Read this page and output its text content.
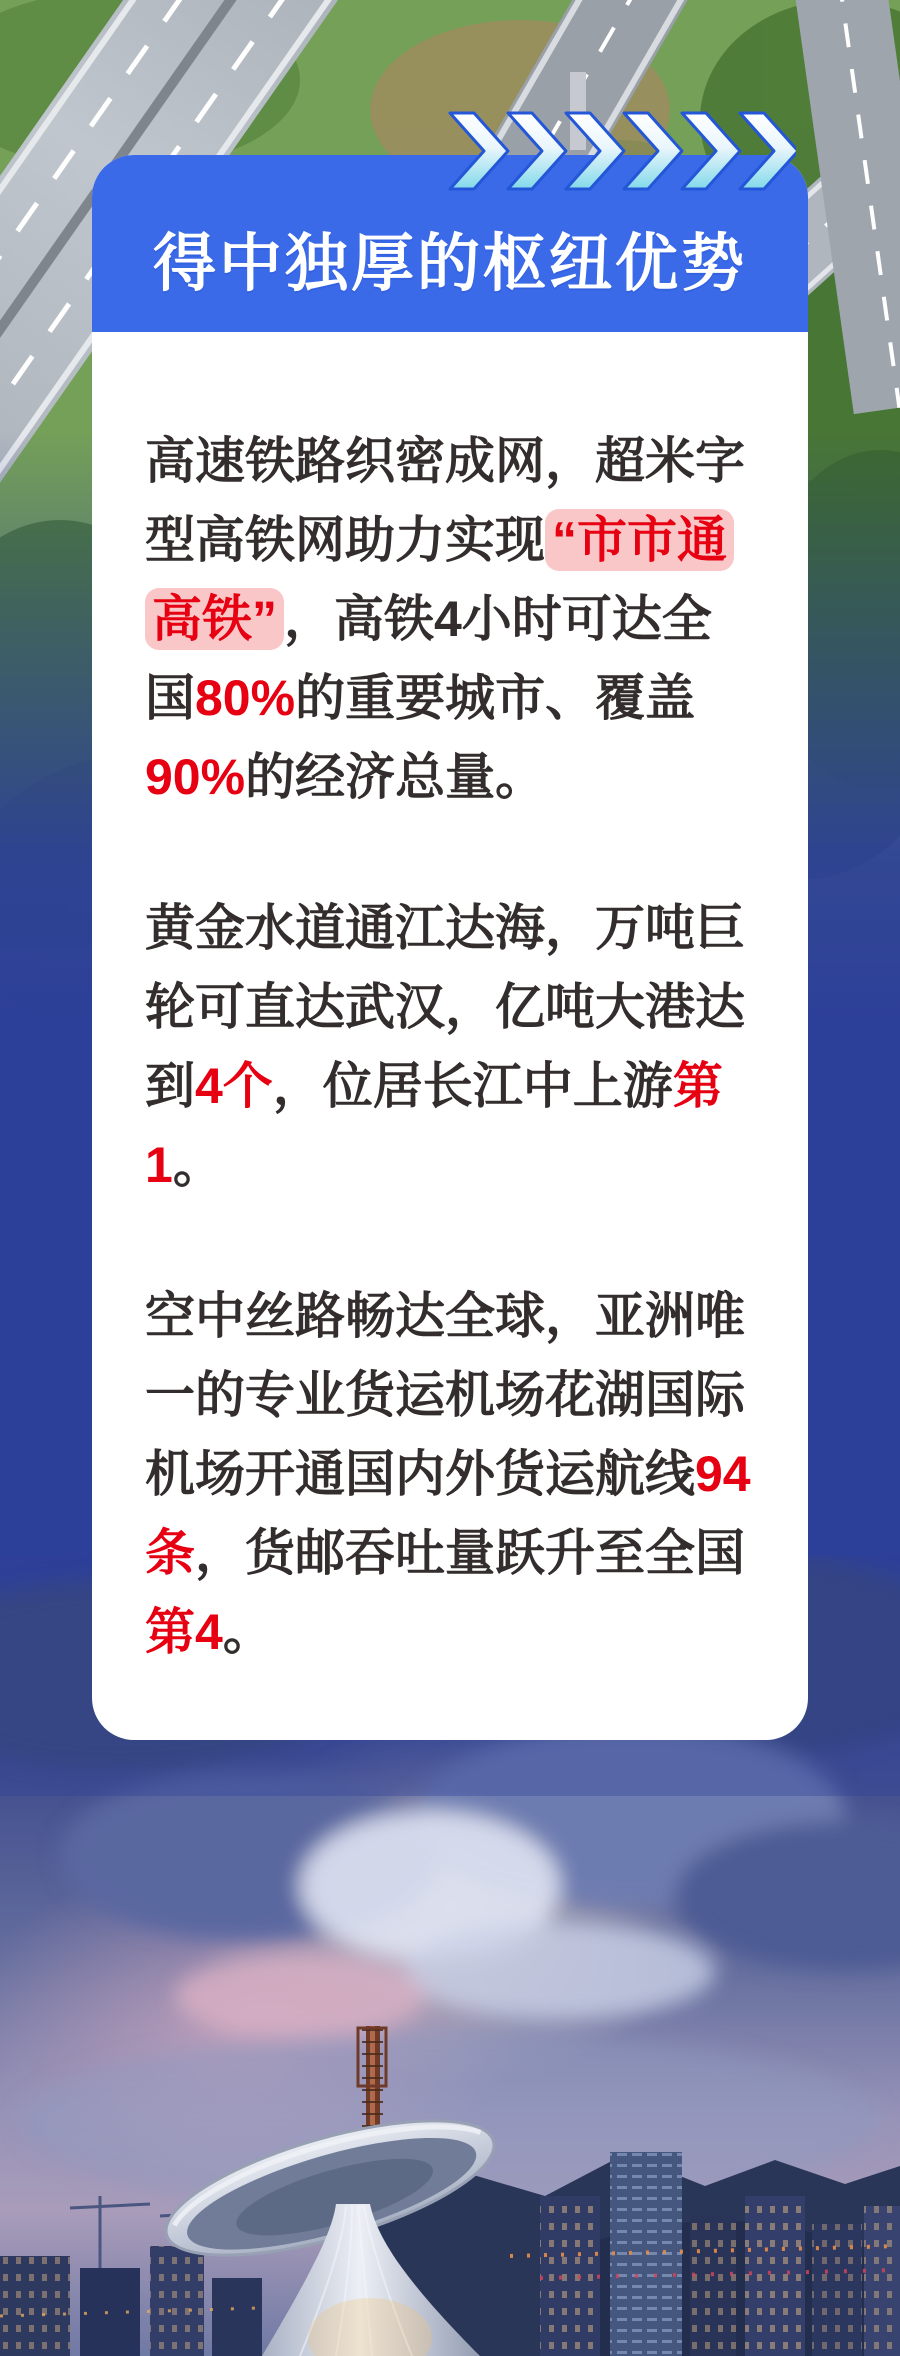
得中独厚的枢纽优势

高速铁路织密成网，超米字型高铁网助力实现 “市市通高铁” ，高铁4小时可达全国80%的重要城市、覆盖90%的经济总量。

黄金水道通江达海，万吨巨轮可直达武汉，亿吨大港达到4个，位居长江中上游第1。

空中丝路畅达全球，亚洲唯一的专业货运机场花湖国际机场开通国内外货运航线94条，货邮吞吐量跃升至全国第4。
